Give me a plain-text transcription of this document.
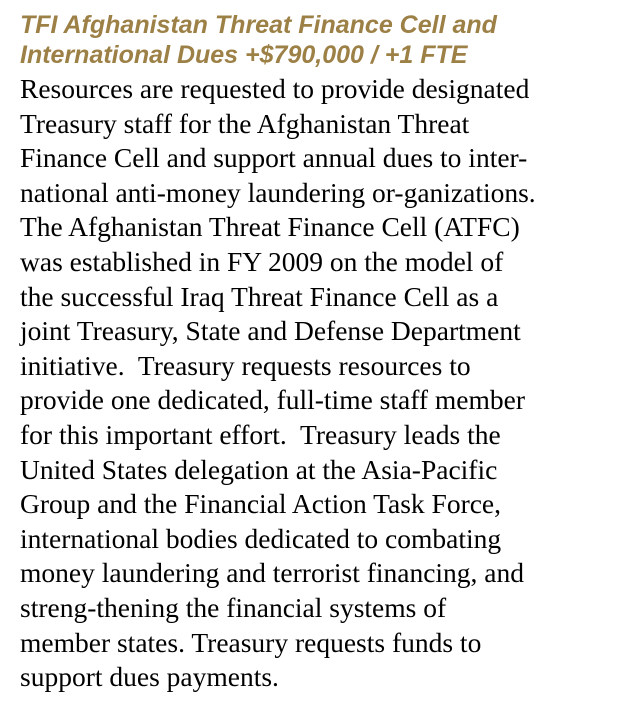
TFI Afghanistan Threat Finance Cell and
International Dues +$790,000 / +1 FTE

Resources are requested to provide designated
Treasury staff for the Afghanistan Threat
Finance Cell and support annual dues to inter-
national anti-money laundering or-ganizations.
The Afghanistan Threat Finance Cell (ATFC)
was established in FY 2009 on the model of
the successful Iraq Threat Finance Cell as a
joint Treasury, State and Defense Department
initiative.  Treasury requests resources to
provide one dedicated, full-time staff member
for this important effort.  Treasury leads the
United States delegation at the Asia-Pacific
Group and the Financial Action Task Force,
international bodies dedicated to combating
money laundering and terrorist financing, and
streng-thening the financial systems of
member states. Treasury requests funds to
support dues payments.
